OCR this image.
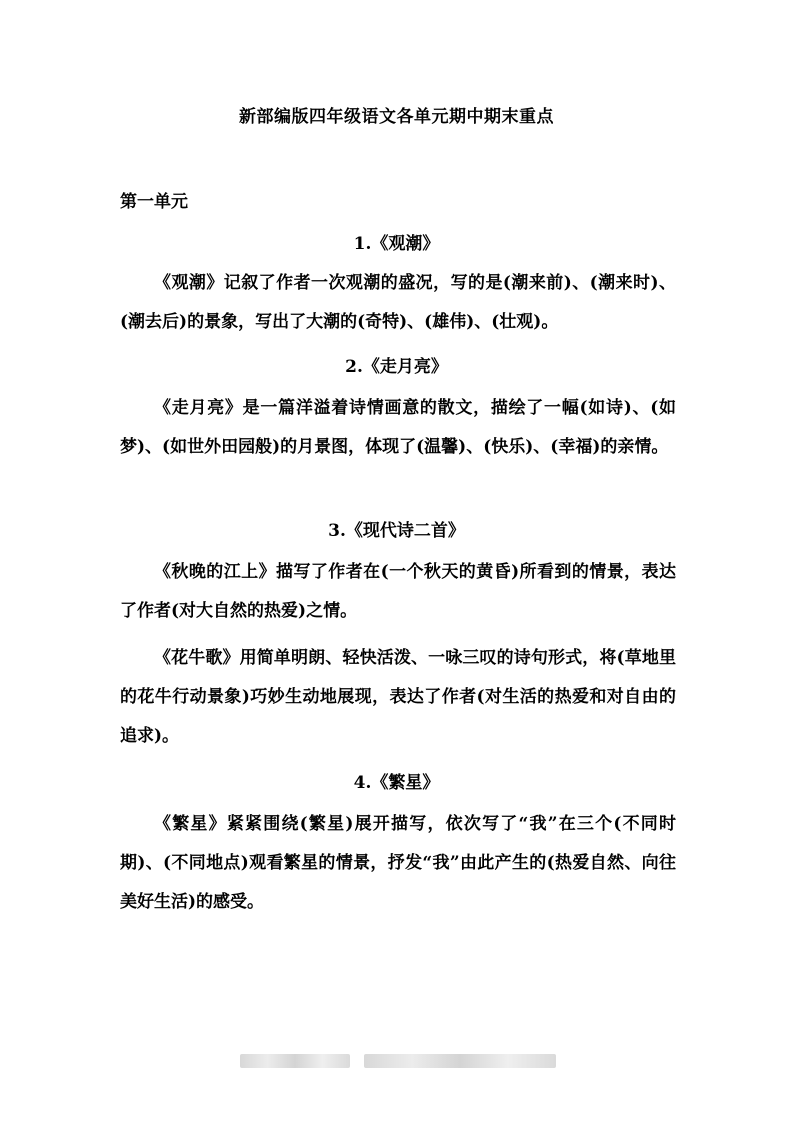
新部编版四年级语文各单元期中期末重点
第一单元
1.《观潮》

《观潮》记叙了作者一次观潮的盛况，写的是(潮来前)、(潮来时)、(潮去后)的景象，写出了大潮的(奇特)、(雄伟)、(壮观)。

2.《走月亮》

《走月亮》是一篇洋溢着诗情画意的散文，描绘了一幅(如诗)、(如梦)、(如世外田园般)的月景图，体现了(温馨)、(快乐)、(幸福)的亲情。

3.《现代诗二首》

《秋晚的江上》描写了作者在(一个秋天的黄昏)所看到的情景，表达了作者(对大自然的热爱)之情。

《花牛歌》用简单明朗、轻快活泼、一咏三叹的诗句形式，将(草地里的花牛行动景象)巧妙生动地展现，表达了作者(对生活的热爱和对自由的追求)。

4.《繁星》

《繁星》紧紧围绕(繁星)展开描写，依次写了“我”在三个(不同时期)、(不同地点)观看繁星的情景，抒发“我”由此产生的(热爱自然、向往美好生活)的感受。
